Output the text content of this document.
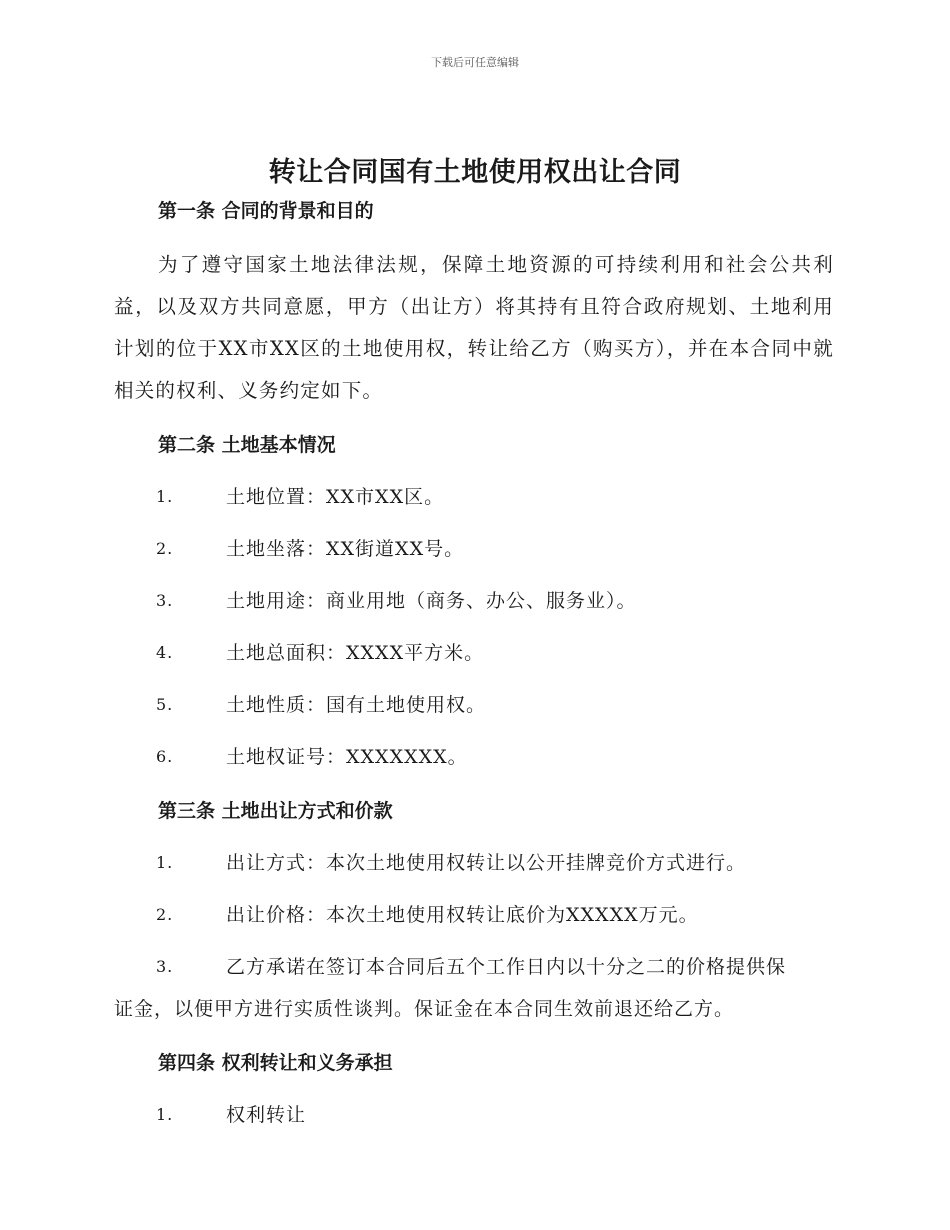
下载后可任意编辑
转让合同国有土地使用权出让合同
第一条 合同的背景和目的

为了遵守国家土地法律法规，保障土地资源的可持续利用和社会公共利益，以及双方共同意愿，甲方（出让方）将其持有且符合政府规划、土地利用计划的位于XX市XX区的土地使用权，转让给乙方（购买方），并在本合同中就相关的权利、义务约定如下。

第二条 土地基本情况
1.	土地位置：XX市XX区。
2.	土地坐落：XX街道XX号。
3.	土地用途：商业用地（商务、办公、服务业）。
4.	土地总面积：XXXX平方米。
5.	土地性质：国有土地使用权。
6.	土地权证号：XXXXXXX。
第三条 土地出让方式和价款
1.	出让方式：本次土地使用权转让以公开挂牌竞价方式进行。
2.	出让价格：本次土地使用权转让底价为XXXXX万元。
3.	乙方承诺在签订本合同后五个工作日内以十分之二的价格提供保
证金，以便甲方进行实质性谈判。保证金在本合同生效前退还给乙方。
第四条 权利转让和义务承担
1.	权利转让
